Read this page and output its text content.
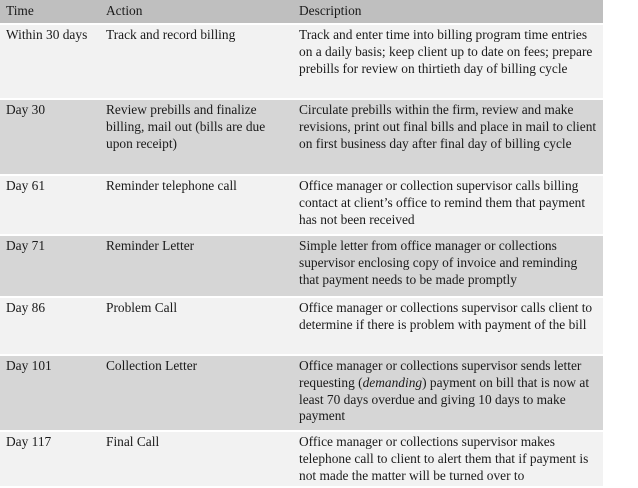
Time	Action	Description
Within 30 days	Track and record billing	Track and enter time into billing program time entries on a daily basis; keep client up to date on fees; prepare prebills for review on thirtieth day of billing cycle
Day 30	Review prebills and finalize billing, mail out (bills are due upon receipt)	Circulate prebills within the firm, review and make revisions, print out final bills and place in mail to client on first business day after final day of billing cycle
Day 61	Reminder telephone call	Office manager or collection supervisor calls billing contact at client’s office to remind them that payment has not been received
Day 71	Reminder Letter	Simple letter from office manager or collections supervisor enclosing copy of invoice and reminding that payment needs to be made promptly
Day 86	Problem Call	Office manager or collections supervisor calls client to determine if there is problem with payment of the bill
Day 101	Collection Letter	Office manager or collections supervisor sends letter requesting (demanding) payment on bill that is now at least 70 days overdue and giving 10 days to make payment
Day 117	Final Call	Office manager or collections supervisor makes telephone call to client to alert them that if payment is not made the matter will be turned over to
